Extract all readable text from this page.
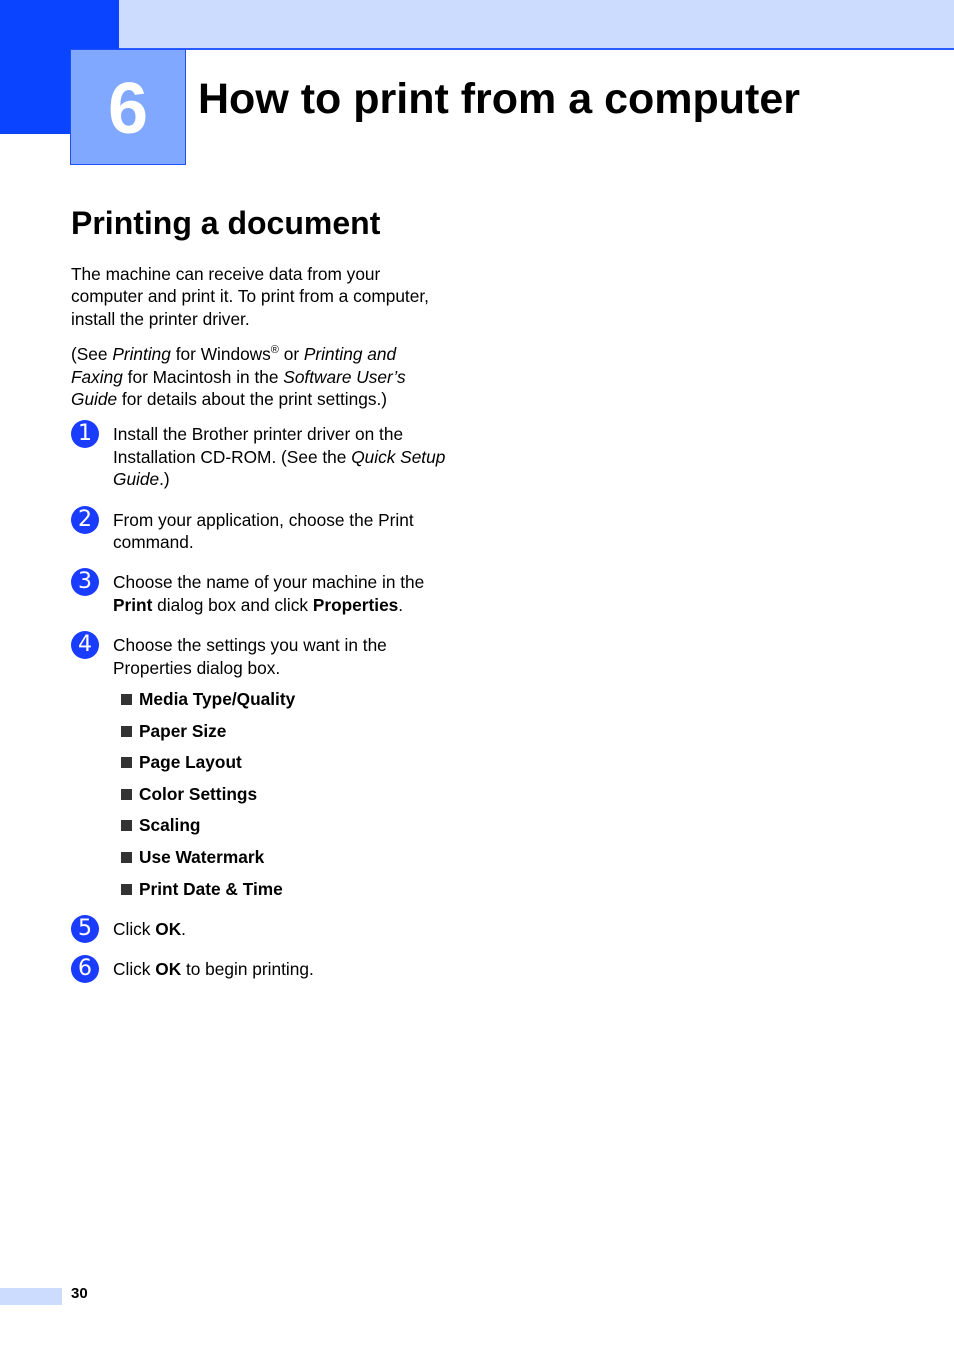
6 How to print from a computer
Printing a document

The machine can receive data from your computer and print it. To print from a computer, install the printer driver.

(See Printing for Windows® or Printing and Faxing for Macintosh in the Software User’s Guide for details about the print settings.)

1	Install the Brother printer driver on the Installation CD-ROM. (See the Quick Setup Guide.)
2	From your application, choose the Print command.
3	Choose the name of your machine in the Print dialog box and click Properties.
4	Choose the settings you want in the Properties dialog box.
Media Type/Quality
Paper Size
Page Layout
Color Settings
Scaling
Use Watermark
Print Date & Time
5	Click OK.
6	Click OK to begin printing.
30
